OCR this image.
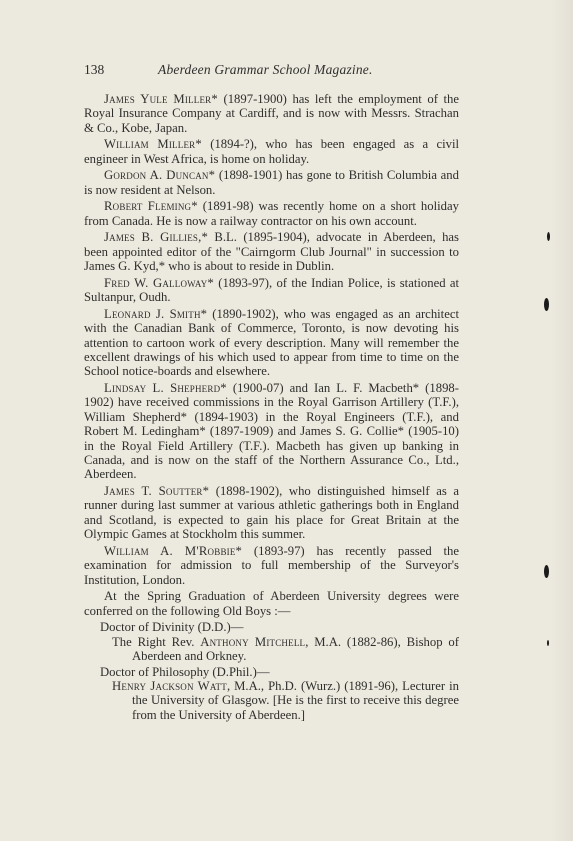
138	Aberdeen Grammar School Magazine.

James Yule Miller* (1897-1900) has left the employment of the Royal Insurance Company at Cardiff, and is now with Messrs. Strachan & Co., Kobe, Japan.

William Miller* (1894-?), who has been engaged as a civil engineer in West Africa, is home on holiday.

Gordon A. Duncan* (1898-1901) has gone to British Columbia and is now resident at Nelson.

Robert Fleming* (1891-98) was recently home on a short holiday from Canada. He is now a railway contractor on his own account.

James B. Gillies,* B.L. (1895-1904), advocate in Aberdeen, has been appointed editor of the "Cairngorm Club Journal" in succession to James G. Kyd,* who is about to reside in Dublin.

Fred W. Galloway* (1893-97), of the Indian Police, is stationed at Sultanpur, Oudh.

Leonard J. Smith* (1890-1902), who was engaged as an architect with the Canadian Bank of Commerce, Toronto, is now devoting his attention to cartoon work of every description. Many will remember the excellent drawings of his which used to appear from time to time on the School notice-boards and elsewhere.

Lindsay L. Shepherd* (1900-07) and Ian L. F. Macbeth* (1898-1902) have received commissions in the Royal Garrison Artillery (T.F.), William Shepherd* (1894-1903) in the Royal Engineers (T.F.), and Robert M. Ledingham* (1897-1909) and James S. G. Collie* (1905-10) in the Royal Field Artillery (T.F.). Macbeth has given up banking in Canada, and is now on the staff of the Northern Assurance Co., Ltd., Aberdeen.

James T. Soutter* (1898-1902), who distinguished himself as a runner during last summer at various athletic gatherings both in England and Scotland, is expected to gain his place for Great Britain at the Olympic Games at Stockholm this summer.

William A. M'Robbie* (1893-97) has recently passed the examination for admission to full membership of the Surveyor's Institution, London.

At the Spring Graduation of Aberdeen University degrees were conferred on the following Old Boys :—

Doctor of Divinity (D.D.)—
The Right Rev. Anthony Mitchell, M.A. (1882-86), Bishop of Aberdeen and Orkney.
Doctor of Philosophy (D.Phil.)—
Henry Jackson Watt, M.A., Ph.D. (Wurz.) (1891-96), Lecturer in the University of Glasgow. [He is the first to receive this degree from the University of Aberdeen.]
